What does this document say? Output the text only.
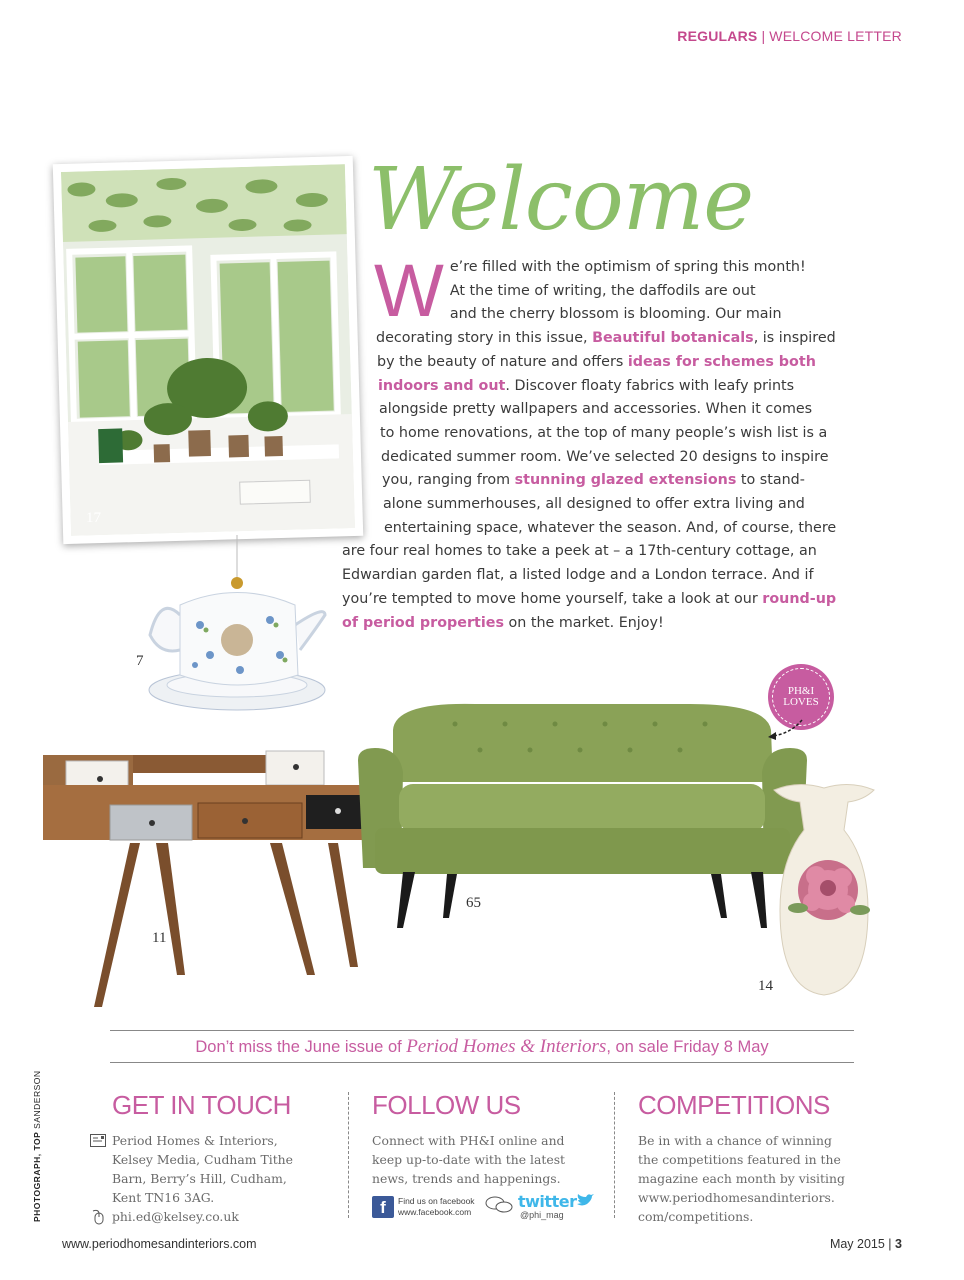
REGULARS | WELCOME LETTER
17
Welcome
W e’re filled with the optimism of spring this month!
At the time of writing, the daffodils are out
and the cherry blossom is blooming. Our main
decorating story in this issue, Beautiful botanicals, is inspired
by the beauty of nature and offers ideas for schemes both
indoors and out. Discover floaty fabrics with leafy prints
alongside pretty wallpapers and accessories. When it comes
to home renovations, at the top of many people’s wish list is a
dedicated summer room. We’ve selected 20 designs to inspire
you, ranging from stunning glazed extensions to stand-
alone summerhouses, all designed to offer extra living and
entertaining space, whatever the season. And, of course, there
are four real homes to take a peek at – a 17th-century cottage, an
Edwardian garden flat, a listed lodge and a London terrace. And if
you’re tempted to move home yourself, take a look at our round-up
of period properties on the market. Enjoy!
7
11
65
PH&I
LOVES
14
Don’t miss the June issue of Period Homes & Interiors, on sale Friday 8 May
GET IN TOUCH

Period Homes & Interiors,

Kelsey Media, Cudham Tithe

Barn, Berry’s Hill, Cudham,

Kent TN16 3AG.

phi.ed@kelsey.co.uk

FOLLOW US

Connect with PH&I online and

keep up-to-date with the latest

news, trends and happenings.

f	Find us on facebook
www.facebook.com
twitter
@phi_mag
COMPETITIONS

Be in with a chance of winning

the competitions featured in the

magazine each month by visiting

www.periodhomesandinteriors.

com/competitions.

PHOTOGRAPH, TOP SANDERSON
www.periodhomesandinteriors.com	May 2015 | 3
